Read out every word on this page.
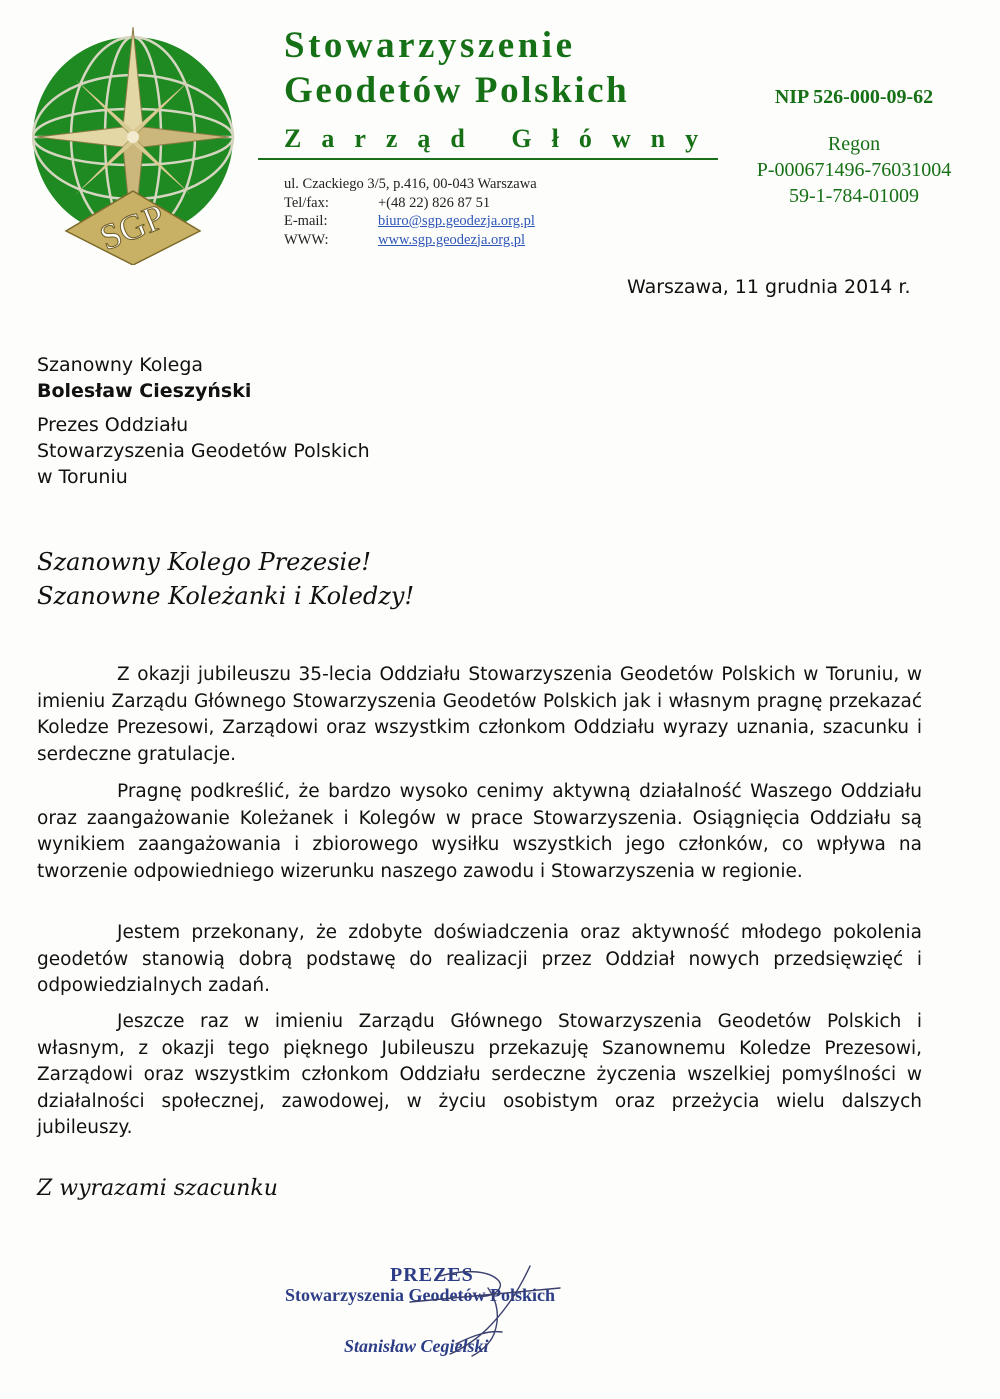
SGP
Stowarzyszenie
Geodetów Polskich
Zarząd Główny
ul. Czackiego 3/5, p.416, 00-043 Warszawa
Tel/fax:	+(48 22) 826 87 51
E-mail:	biuro@sgp.geodezja.org.pl
WWW:	www.sgp.geodezja.org.pl
NIP 526-000-09-62
Regon
P-000671496-76031004
59-1-784-01009
Warszawa, 11 grudnia 2014 r.
Szanowny Kolega
Bolesław Cieszyński
Prezes Oddziału
Stowarzyszenia Geodetów Polskich
w Toruniu
Szanowny Kolego Prezesie!
Szanowne Koleżanki i Koledzy!
Z okazji jubileuszu 35-lecia Oddziału Stowarzyszenia Geodetów Polskich w Toruniu, w imieniu Zarządu Głównego Stowarzyszenia Geodetów Polskich jak i własnym pragnę przekazać Koledze Prezesowi, Zarządowi oraz wszystkim członkom Oddziału wyrazy uznania, szacunku i serdeczne gratulacje.
Pragnę podkreślić, że bardzo wysoko cenimy aktywną działalność Waszego Oddziału oraz zaangażowanie Koleżanek i Kolegów w prace Stowarzyszenia. Osiągnięcia Oddziału są wynikiem zaangażowania i zbiorowego wysiłku wszystkich jego członków, co wpływa na tworzenie odpowiedniego wizerunku naszego zawodu i Stowarzyszenia w regionie.
Jestem przekonany, że zdobyte doświadczenia oraz aktywność młodego pokolenia geodetów stanowią dobrą podstawę do realizacji przez Oddział nowych przedsięwzięć i odpowiedzialnych zadań.
Jeszcze raz w imieniu Zarządu Głównego Stowarzyszenia Geodetów Polskich i własnym, z okazji tego pięknego Jubileuszu przekazuję Szanownemu Koledze Prezesowi, Zarządowi oraz wszystkim członkom Oddziału serdeczne życzenia wszelkiej pomyślności w działalności społecznej, zawodowej, w życiu osobistym oraz przeżycia wielu dalszych jubileuszy.
Z wyrazami szacunku
PREZES
Stowarzyszenia Geodetów Polskich
Stanisław Cegielski
